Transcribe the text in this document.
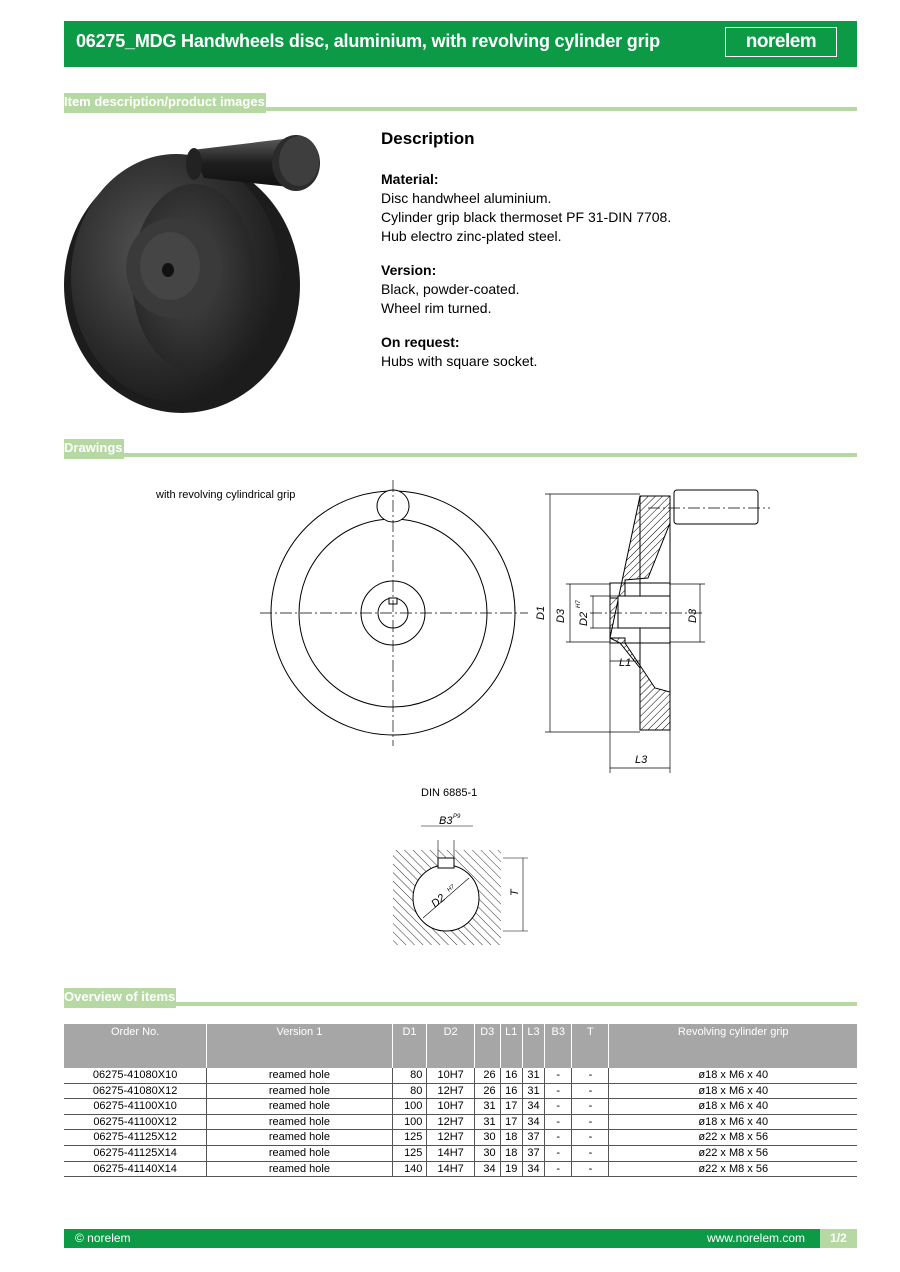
06275_MDG Handwheels disc, aluminium, with revolving cylinder grip	norelem
Item description/product images
Description
Material:
Disc handwheel aluminium.
Cylinder grip black thermoset PF 31-DIN 7708.
Hub electro zinc-plated steel.
Version:
Black, powder-coated.
Wheel rim turned.
On request:
Hubs with square socket.
Drawings
with revolving cylindrical grip
D1 D3 D2
H7
D3
L1
L3
DIN 6885-1
B3 P9
D2
H7	T
Overview of items
Order No.	Version 1	D1	D2	D3	L1	L3	B3	T	Revolving cylinder grip
06275-41080X10	reamed hole	80	10H7	26	16	31	-	-	ø18 x M6 x 40
06275-41080X12	reamed hole	80	12H7	26	16	31	-	-	ø18 x M6 x 40
06275-41100X10	reamed hole	100	10H7	31	17	34	-	-	ø18 x M6 x 40
06275-41100X12	reamed hole	100	12H7	31	17	34	-	-	ø18 x M6 x 40
06275-41125X12	reamed hole	125	12H7	30	18	37	-	-	ø22 x M8 x 56
06275-41125X14	reamed hole	125	14H7	30	18	37	-	-	ø22 x M8 x 56
06275-41140X14	reamed hole	140	14H7	34	19	34	-	-	ø22 x M8 x 56
© norelem	www.norelem.com	1/2
